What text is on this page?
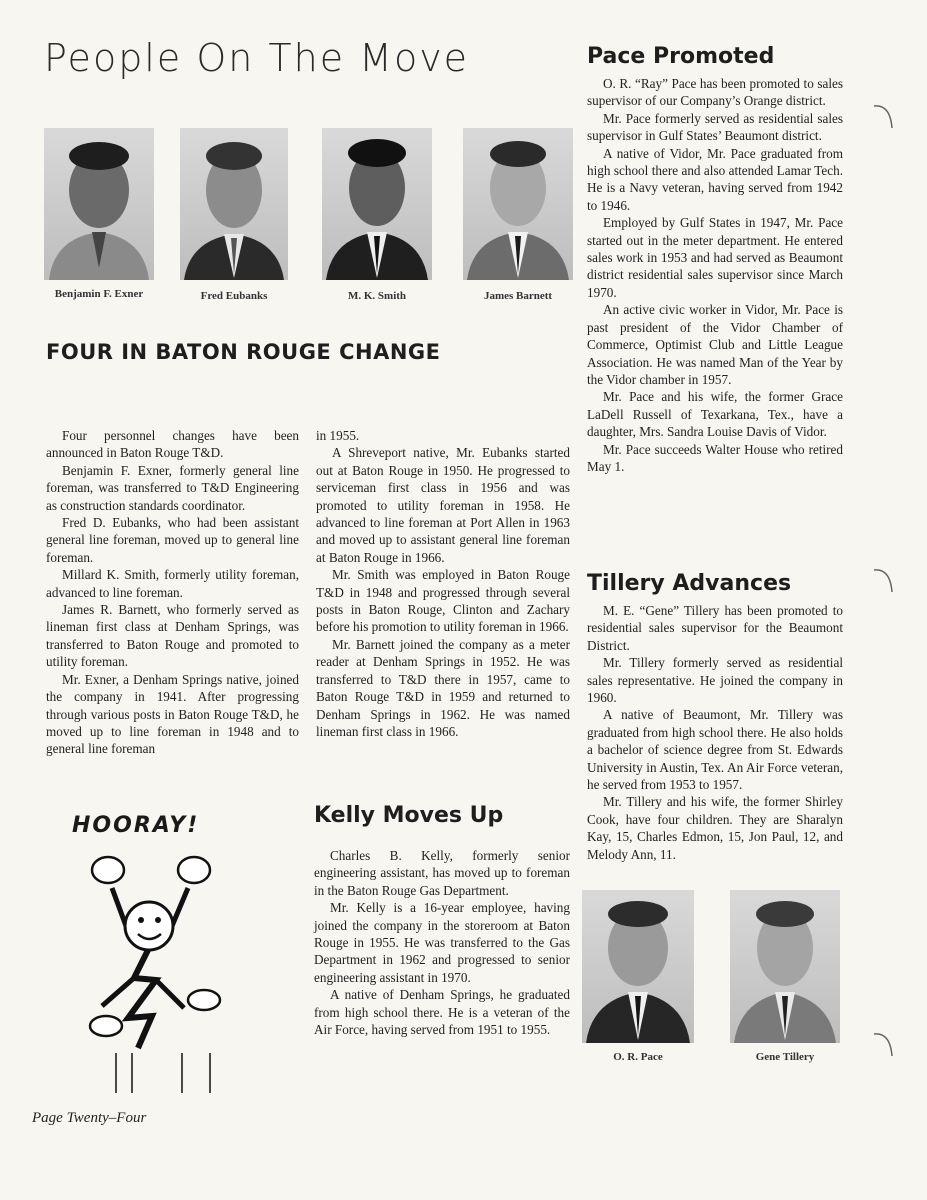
People On The Move
Benjamin F. Exner	Fred Eubanks	M. K. Smith	James Barnett
FOUR IN BATON ROUGE CHANGE

Four personnel changes have been announced in Baton Rouge T&D.

Benjamin F. Exner, formerly general line foreman, was transferred to T&D Engineering as construction standards coordinator.

Fred D. Eubanks, who had been assistant general line foreman, moved up to general line foreman.

Millard K. Smith, formerly utility foreman, advanced to line foreman.

James R. Barnett, who formerly served as lineman first class at Denham Springs, was transferred to Baton Rouge and promoted to utility foreman.

Mr. Exner, a Denham Springs native, joined the company in 1941. After progressing through various posts in Baton Rouge T&D, he moved up to line foreman in 1948 and to general line foreman

in 1955.

A Shreveport native, Mr. Eubanks started out at Baton Rouge in 1950. He progressed to serviceman first class in 1956 and was promoted to utility foreman in 1958. He advanced to line foreman at Port Allen in 1963 and moved up to assistant general line foreman at Baton Rouge in 1966.

Mr. Smith was employed in Baton Rouge T&D in 1948 and progressed through several posts in Baton Rouge, Clinton and Zachary before his promotion to utility foreman in 1966.

Mr. Barnett joined the company as a meter reader at Denham Springs in 1952. He was transferred to T&D there in 1957, came to Baton Rouge T&D in 1959 and returned to Denham Springs in 1962. He was named lineman first class in 1966.

HOORAY!	Kelly Moves Up

Charles B. Kelly, formerly senior engineering assistant, has moved up to foreman in the Baton Rouge Gas Department.

Mr. Kelly is a 16-year employee, having joined the company in the storeroom at Baton Rouge in 1955. He was transferred to the Gas Department in 1962 and progressed to senior engineering assistant in 1970.

A native of Denham Springs, he graduated from high school there. He is a veteran of the Air Force, having served from 1951 to 1955.

Pace Promoted

O. R. “Ray” Pace has been promoted to sales supervisor of our Company’s Orange district.

Mr. Pace formerly served as residential sales supervisor in Gulf States’ Beaumont district.

A native of Vidor, Mr. Pace graduated from high school there and also attended Lamar Tech. He is a Navy veteran, having served from 1942 to 1946.

Employed by Gulf States in 1947, Mr. Pace started out in the meter department. He entered sales work in 1953 and had served as Beaumont district residential sales supervisor since March 1970.

An active civic worker in Vidor, Mr. Pace is past president of the Vidor Chamber of Commerce, Optimist Club and Little League Association. He was named Man of the Year by the Vidor chamber in 1957.

Mr. Pace and his wife, the former Grace LaDell Russell of Texarkana, Tex., have a daughter, Mrs. Sandra Louise Davis of Vidor.

Mr. Pace succeeds Walter House who retired May 1.

Tillery Advances

M. E. “Gene” Tillery has been promoted to residential sales supervisor for the Beaumont District.

Mr. Tillery formerly served as residential sales representative. He joined the company in 1960.

A native of Beaumont, Mr. Tillery was graduated from high school there. He also holds a bachelor of science degree from St. Edwards University in Austin, Tex. An Air Force veteran, he served from 1953 to 1957.

Mr. Tillery and his wife, the former Shirley Cook, have four children. They are Sharalyn Kay, 15, Charles Edmon, 15, Jon Paul, 12, and Melody Ann, 11.

O. R. Pace	Gene Tillery
Page Twenty–Four
